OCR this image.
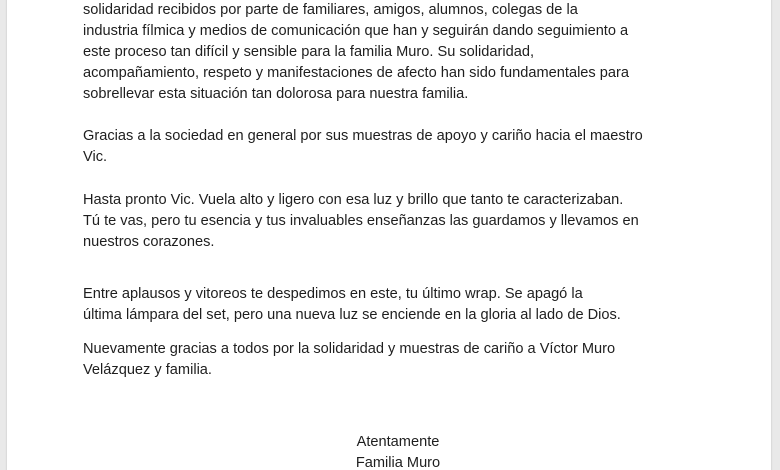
solidaridad recibidos por parte de familiares, amigos, alumnos, colegas de la
industria fílmica y medios de comunicación que han y seguirán dando seguimiento a
este proceso tan difícil y sensible para la familia Muro. Su solidaridad,
acompañamiento, respeto y manifestaciones de afecto han sido fundamentales para
sobrellevar esta situación tan dolorosa para nuestra familia.

Gracias a la sociedad en general por sus muestras de apoyo y cariño hacia el maestro
Vic.

Hasta pronto Vic. Vuela alto y ligero con esa luz y brillo que tanto te caracterizaban.
Tú te vas, pero tu esencia y tus invaluables enseñanzas las guardamos y llevamos en
nuestros corazones.

Entre aplausos y vitoreos te despedimos en este, tu último wrap. Se apagó la
última lámpara del set, pero una nueva luz se enciende en la gloria al lado de Dios.

Nuevamente gracias a todos por la solidaridad y muestras de cariño a Víctor Muro
Velázquez y familia.

Atentamente
Familia Muro
